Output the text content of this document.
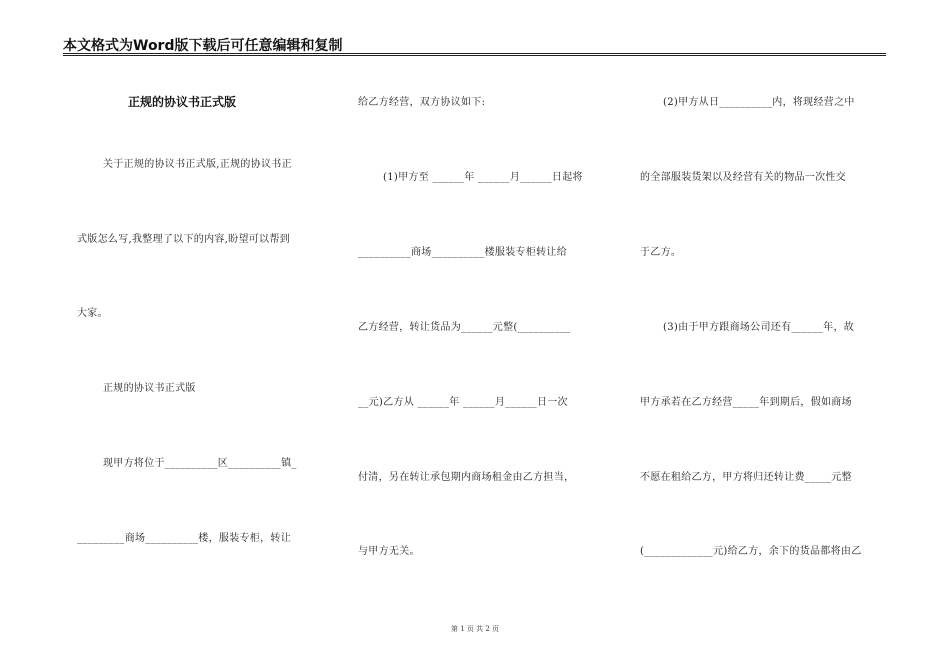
本文格式为Word版下载后可任意编辑和复制
正规的协议书正式版
关于正规的协议书正式版,正规的协议书正
式版怎么写,我整理了以下的内容,盼望可以帮到
大家。
正规的协议书正式版
现甲方将位于__________区__________镇_
_________商场__________楼，服装专柜，转让
给乙方经营，双方协议如下:
(1)甲方至 ______年 ______月______日起将
__________商场__________楼服装专柜转让给
乙方经营，转让货品为______元整(__________
__元)乙方从 ______年 ______月______日一次
付清，另在转让承包期内商场租金由乙方担当，
与甲方无关。
(2)甲方从日__________内，将现经营之中
的全部服装货架以及经营有关的物品一次性交
于乙方。
(3)由于甲方跟商场公司还有______年，故
甲方承若在乙方经营_____年到期后，假如商场
不愿在租给乙方，甲方将归还转让费_____元整
(_____________元)给乙方，余下的货品都将由乙
第 1 页 共 2 页
